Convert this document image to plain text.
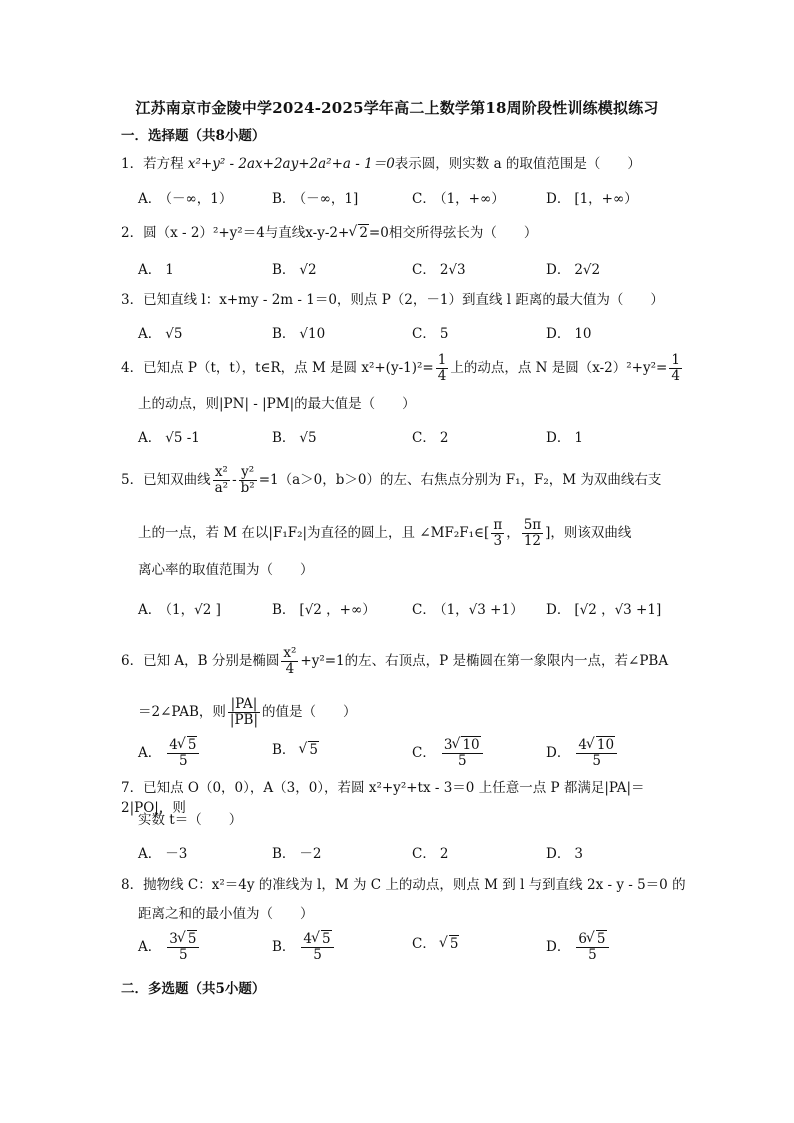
江苏南京市金陵中学2024-2025学年高二上数学第18周阶段性训练模拟练习
一．选择题（共8小题）
1．若方程 x²+y² - 2ax+2ay+2a²+a - 1＝0表示圆，则实数 a 的取值范围是（　　）
A． （－∞，1）	B． （－∞，1]	C． （1，+∞）	D． [1，+∞）
2．圆（x - 2）²+y²＝4与直线x-y-2+ √ 2=0相交所得弦长为（　　）
A． 1	B． √2	C． 2√3	D． 2√2
3．已知直线 l：x+my - 2m - 1＝0，则点 P（2，－1）到直线 l 距离的最大值为（　　）
A． √5	B． √10	C． 5	D． 10
4．已知点 P（t，t），t∈R，点 M 是圆 $x^2+(y-1)^2= \frac{1}{4}$ 上的动点，点 N 是圆$(x-2)^2+y^2= \frac{1}{4}$
上的动点，则|PN| - |PM|的最大值是（　　）
A． √5 -1	B． √5	C． 2	D． 1
5．已知双曲线 $\frac{\text{x²}}{\text{a²}} - \frac{\text{y²}}{\text{b²}} =1(a>0$，b＞0）的左、右焦点分别为 F₁，F₂，M 为双曲线右支
上的一点，若 M 在以|F₁F₂|为直径的圆上，且 ∠MF₂F₁∈[ $\frac{\pi}{3}$ ， $\frac{5\pi}{12}$ ]，则该双曲线
离心率的取值范围为（　　）
A． （1，√2 ]	B． [√2 ，+∞）	C． （1，√3 +1） D． [√2 ，√3 +1]
6．已知 A，B 分别是椭圆 $\frac{\text{x²}}{4} +y^2=1$的左、右顶点，P 是椭圆在第一象限内一点，若∠PBA
＝2∠PAB，则 $\frac{|PA|}{|PB|}$ 的值是（　　）
A． $\frac{4 √ 5}{5}$	B． √ 5	C． $\frac{3 √ 10}{5}$	D． $\frac{4 √ 10}{5}$
7．已知点 O（0，0），A（3，0），若圆 x²+y²+tx - 3＝0 上任意一点 P 都满足|PA|＝2|PO|，则
实数 t＝（　　）
A． －3	B． －2	C． 2	D． 3
8．抛物线 C：x²＝4y 的准线为 l，M 为 C 上的动点，则点 M 到 l 与到直线 2x - y - 5＝0 的
距离之和的最小值为（　　）
A． $\frac{3 √ 5}{5}$	B． $\frac{4 √ 5}{5}$	C． √ 5	D． $\frac{6 √ 5}{5}$
二．多选题（共5小题）
